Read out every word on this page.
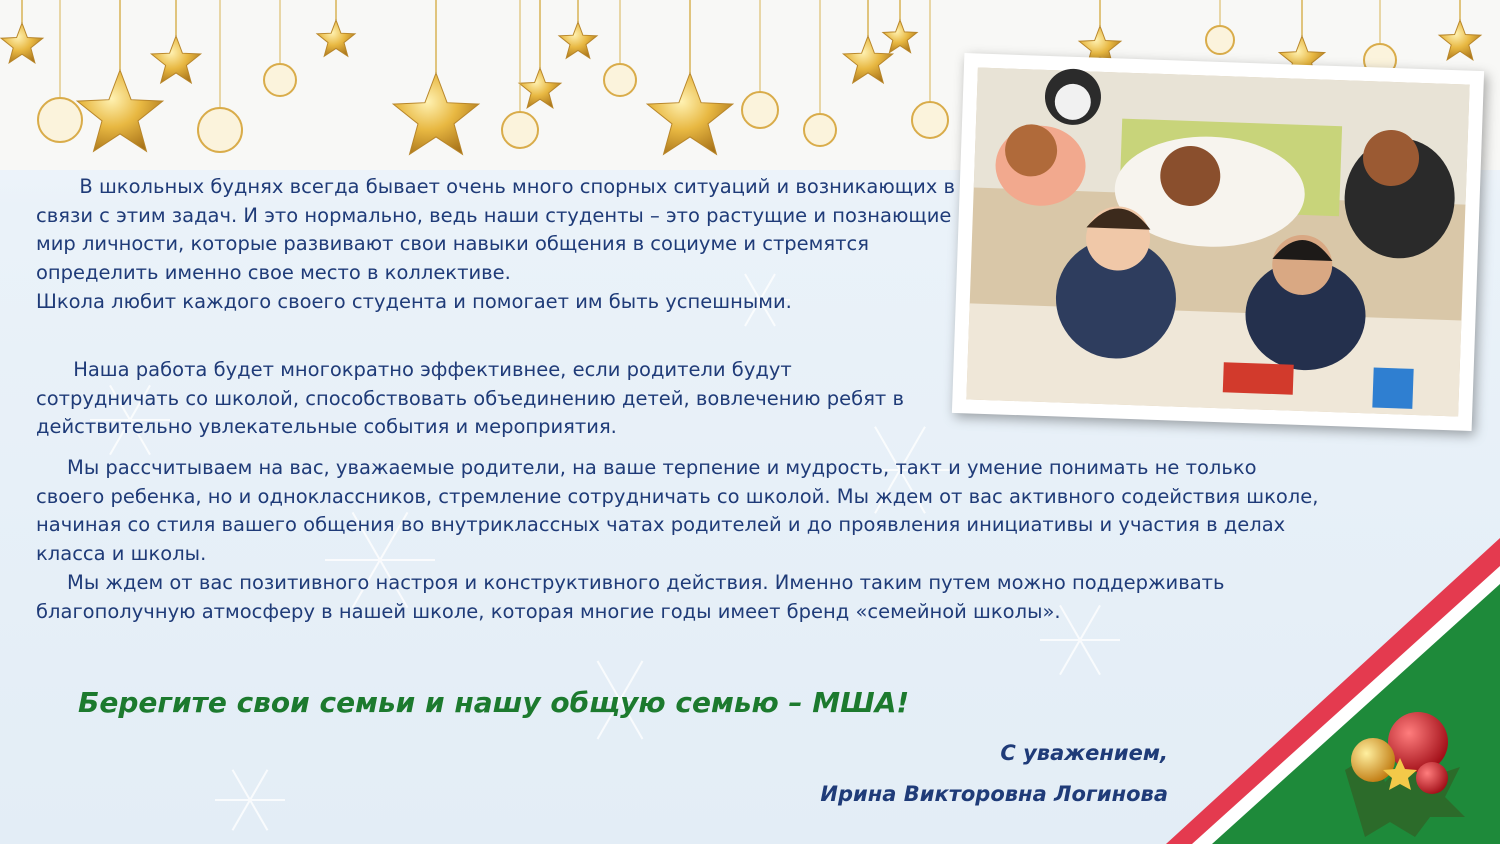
В школьных буднях всегда бывает очень много спорных ситуаций и возникающих в связи с этим задач. И это нормально, ведь наши студенты – это растущие и познающие мир личности, которые развивают свои навыки общения в социуме и стремятся определить именно свое место в коллективе.
Школа любит каждого своего студента и помогает им быть успешными.

Наша работа будет многократно эффективнее, если родители будут сотрудничать со школой, способствовать объединению детей, вовлечению ребят в действительно увлекательные события и мероприятия.

Мы рассчитываем на вас, уважаемые родители, на ваше терпение и мудрость, такт и умение понимать не только своего ребенка, но и одноклассников, стремление сотрудничать со школой. Мы ждем от вас активного содействия школе, начиная со стиля вашего общения во внутриклассных чатах родителей и до проявления инициативы и участия в делах класса и школы.
Мы ждем от вас позитивного настроя и конструктивного действия. Именно таким путем можно поддерживать благополучную атмосферу в нашей школе, которая многие годы имеет бренд «семейной школы».

Берегите свои семьи и нашу общую семью – МША!

С уважением,

Ирина Викторовна Логинова
